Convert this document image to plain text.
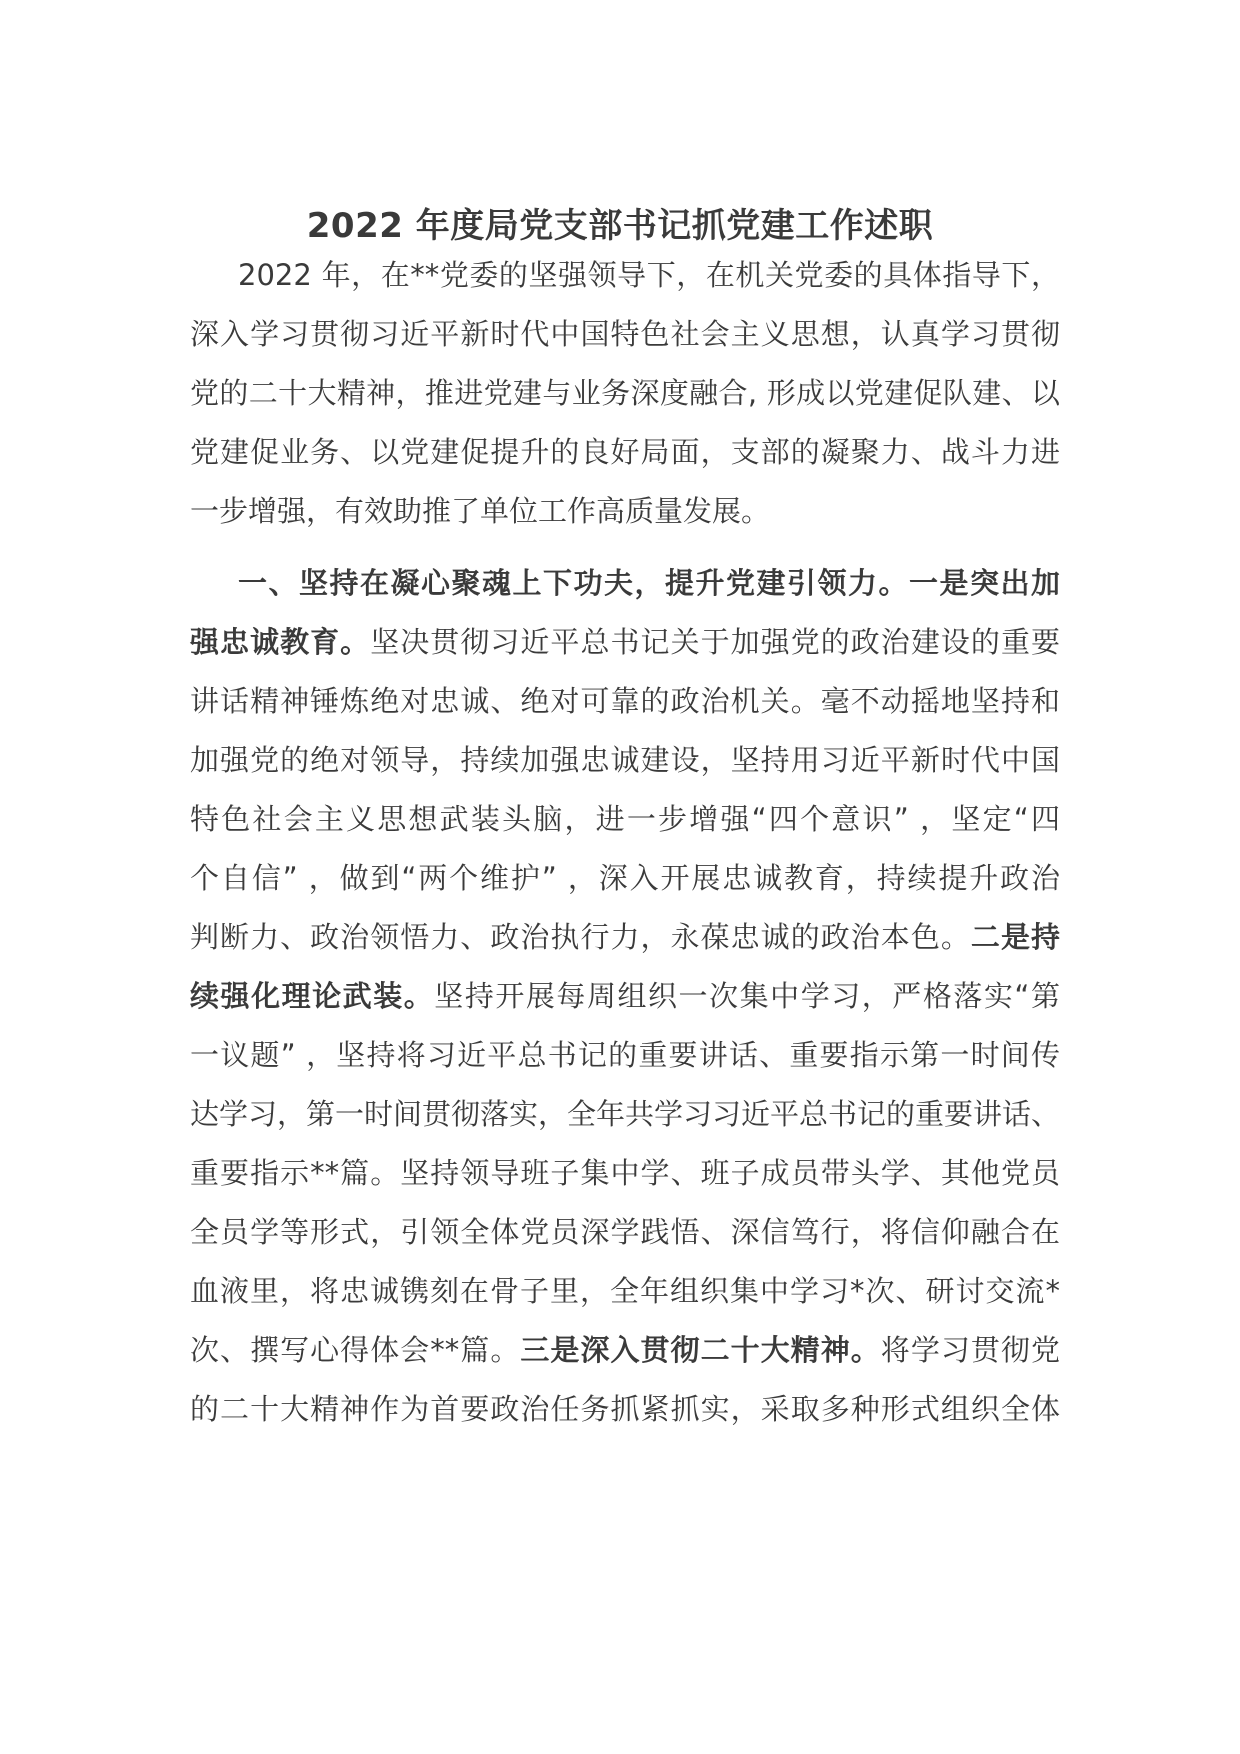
2022 年度局党支部书记抓党建工作述职
2022 年，在**党委的坚强领导下，在机关党委的具体指导下，
深入学习贯彻习近平新时代中国特色社会主义思想，认真学习贯彻
党的二十大精神，推进党建与业务深度融合, 形成以党建促队建、以
党建促业务、以党建促提升的良好局面，支部的凝聚力、战斗力进
一步增强，有效助推了单位工作高质量发展。
一、坚持在凝心聚魂上下功夫，提升党建引领力。一是突出加
强忠诚教育。坚决贯彻习近平总书记关于加强党的政治建设的重要
讲话精神锤炼绝对忠诚、绝对可靠的政治机关。毫不动摇地坚持和
加强党的绝对领导，持续加强忠诚建设，坚持用习近平新时代中国
特色社会主义思想武装头脑，进一步增强“四个意识” ，坚定“四
个自信” ，做到“两个维护” ，深入开展忠诚教育，持续提升政治
判断力、政治领悟力、政治执行力，永葆忠诚的政治本色。二是持
续强化理论武装。坚持开展每周组织一次集中学习，严格落实“第
一议题” ，坚持将习近平总书记的重要讲话、重要指示第一时间传
达学习，第一时间贯彻落实，全年共学习习近平总书记的重要讲话、
重要指示**篇。坚持领导班子集中学、班子成员带头学、其他党员
全员学等形式，引领全体党员深学践悟、深信笃行，将信仰融合在
血液里，将忠诚镌刻在骨子里，全年组织集中学习*次、研讨交流*
次、撰写心得体会**篇。三是深入贯彻二十大精神。将学习贯彻党
的二十大精神作为首要政治任务抓紧抓实，采取多种形式组织全体
